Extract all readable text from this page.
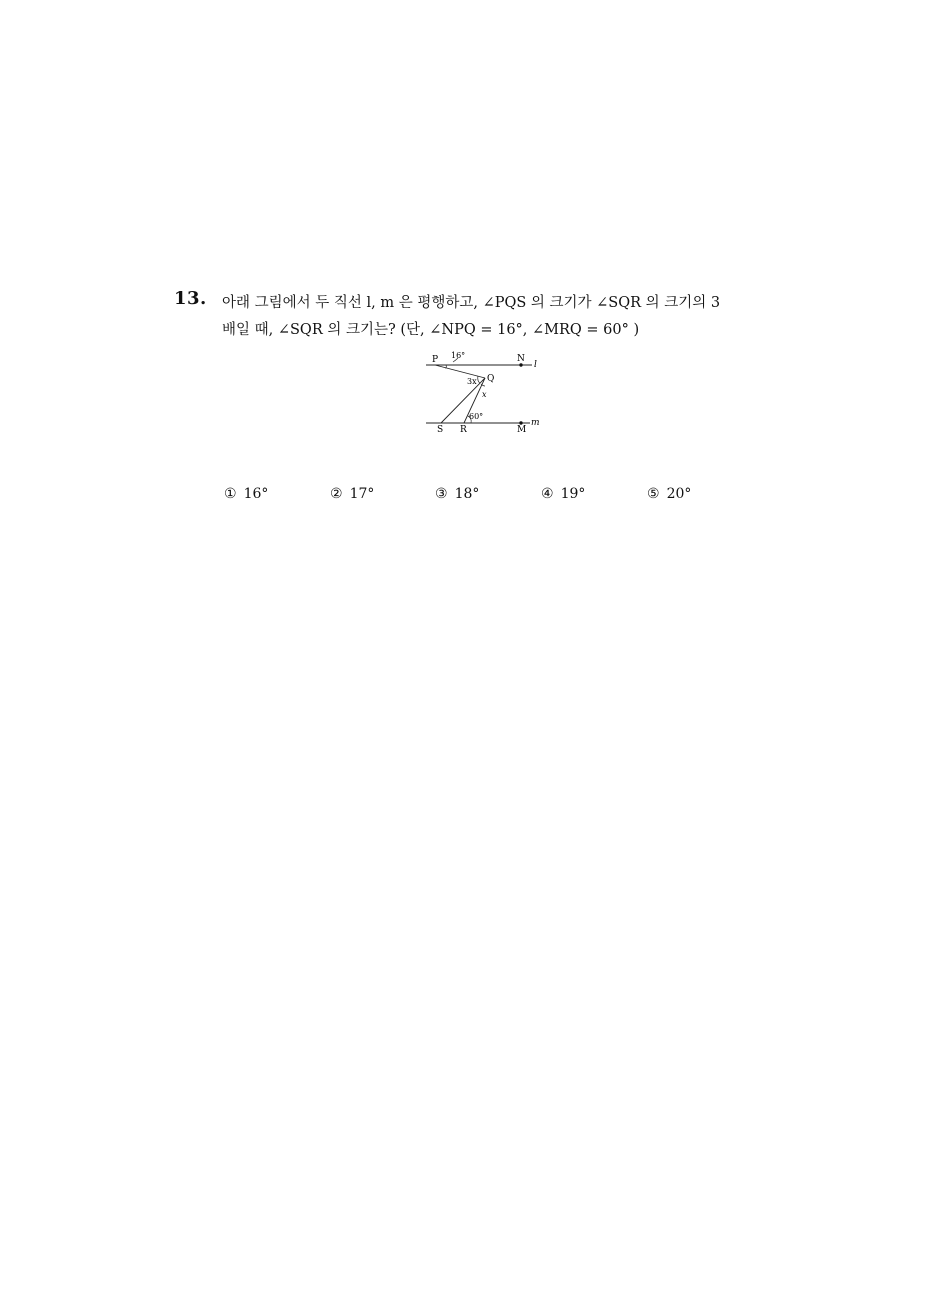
13. 아래 그림에서 두 직선 l, m 은 평행하고, ∠PQS 의 크기가 ∠SQR 의 크기의 3
배일 때, ∠SQR 의 크기는? (단, ∠NPQ = 16°, ∠MRQ = 60° )
P 16°	N
l
Q
3x
x
60°
m
S R	M
① 16°	② 17°	③ 18°	④ 19°	⑤ 20°
